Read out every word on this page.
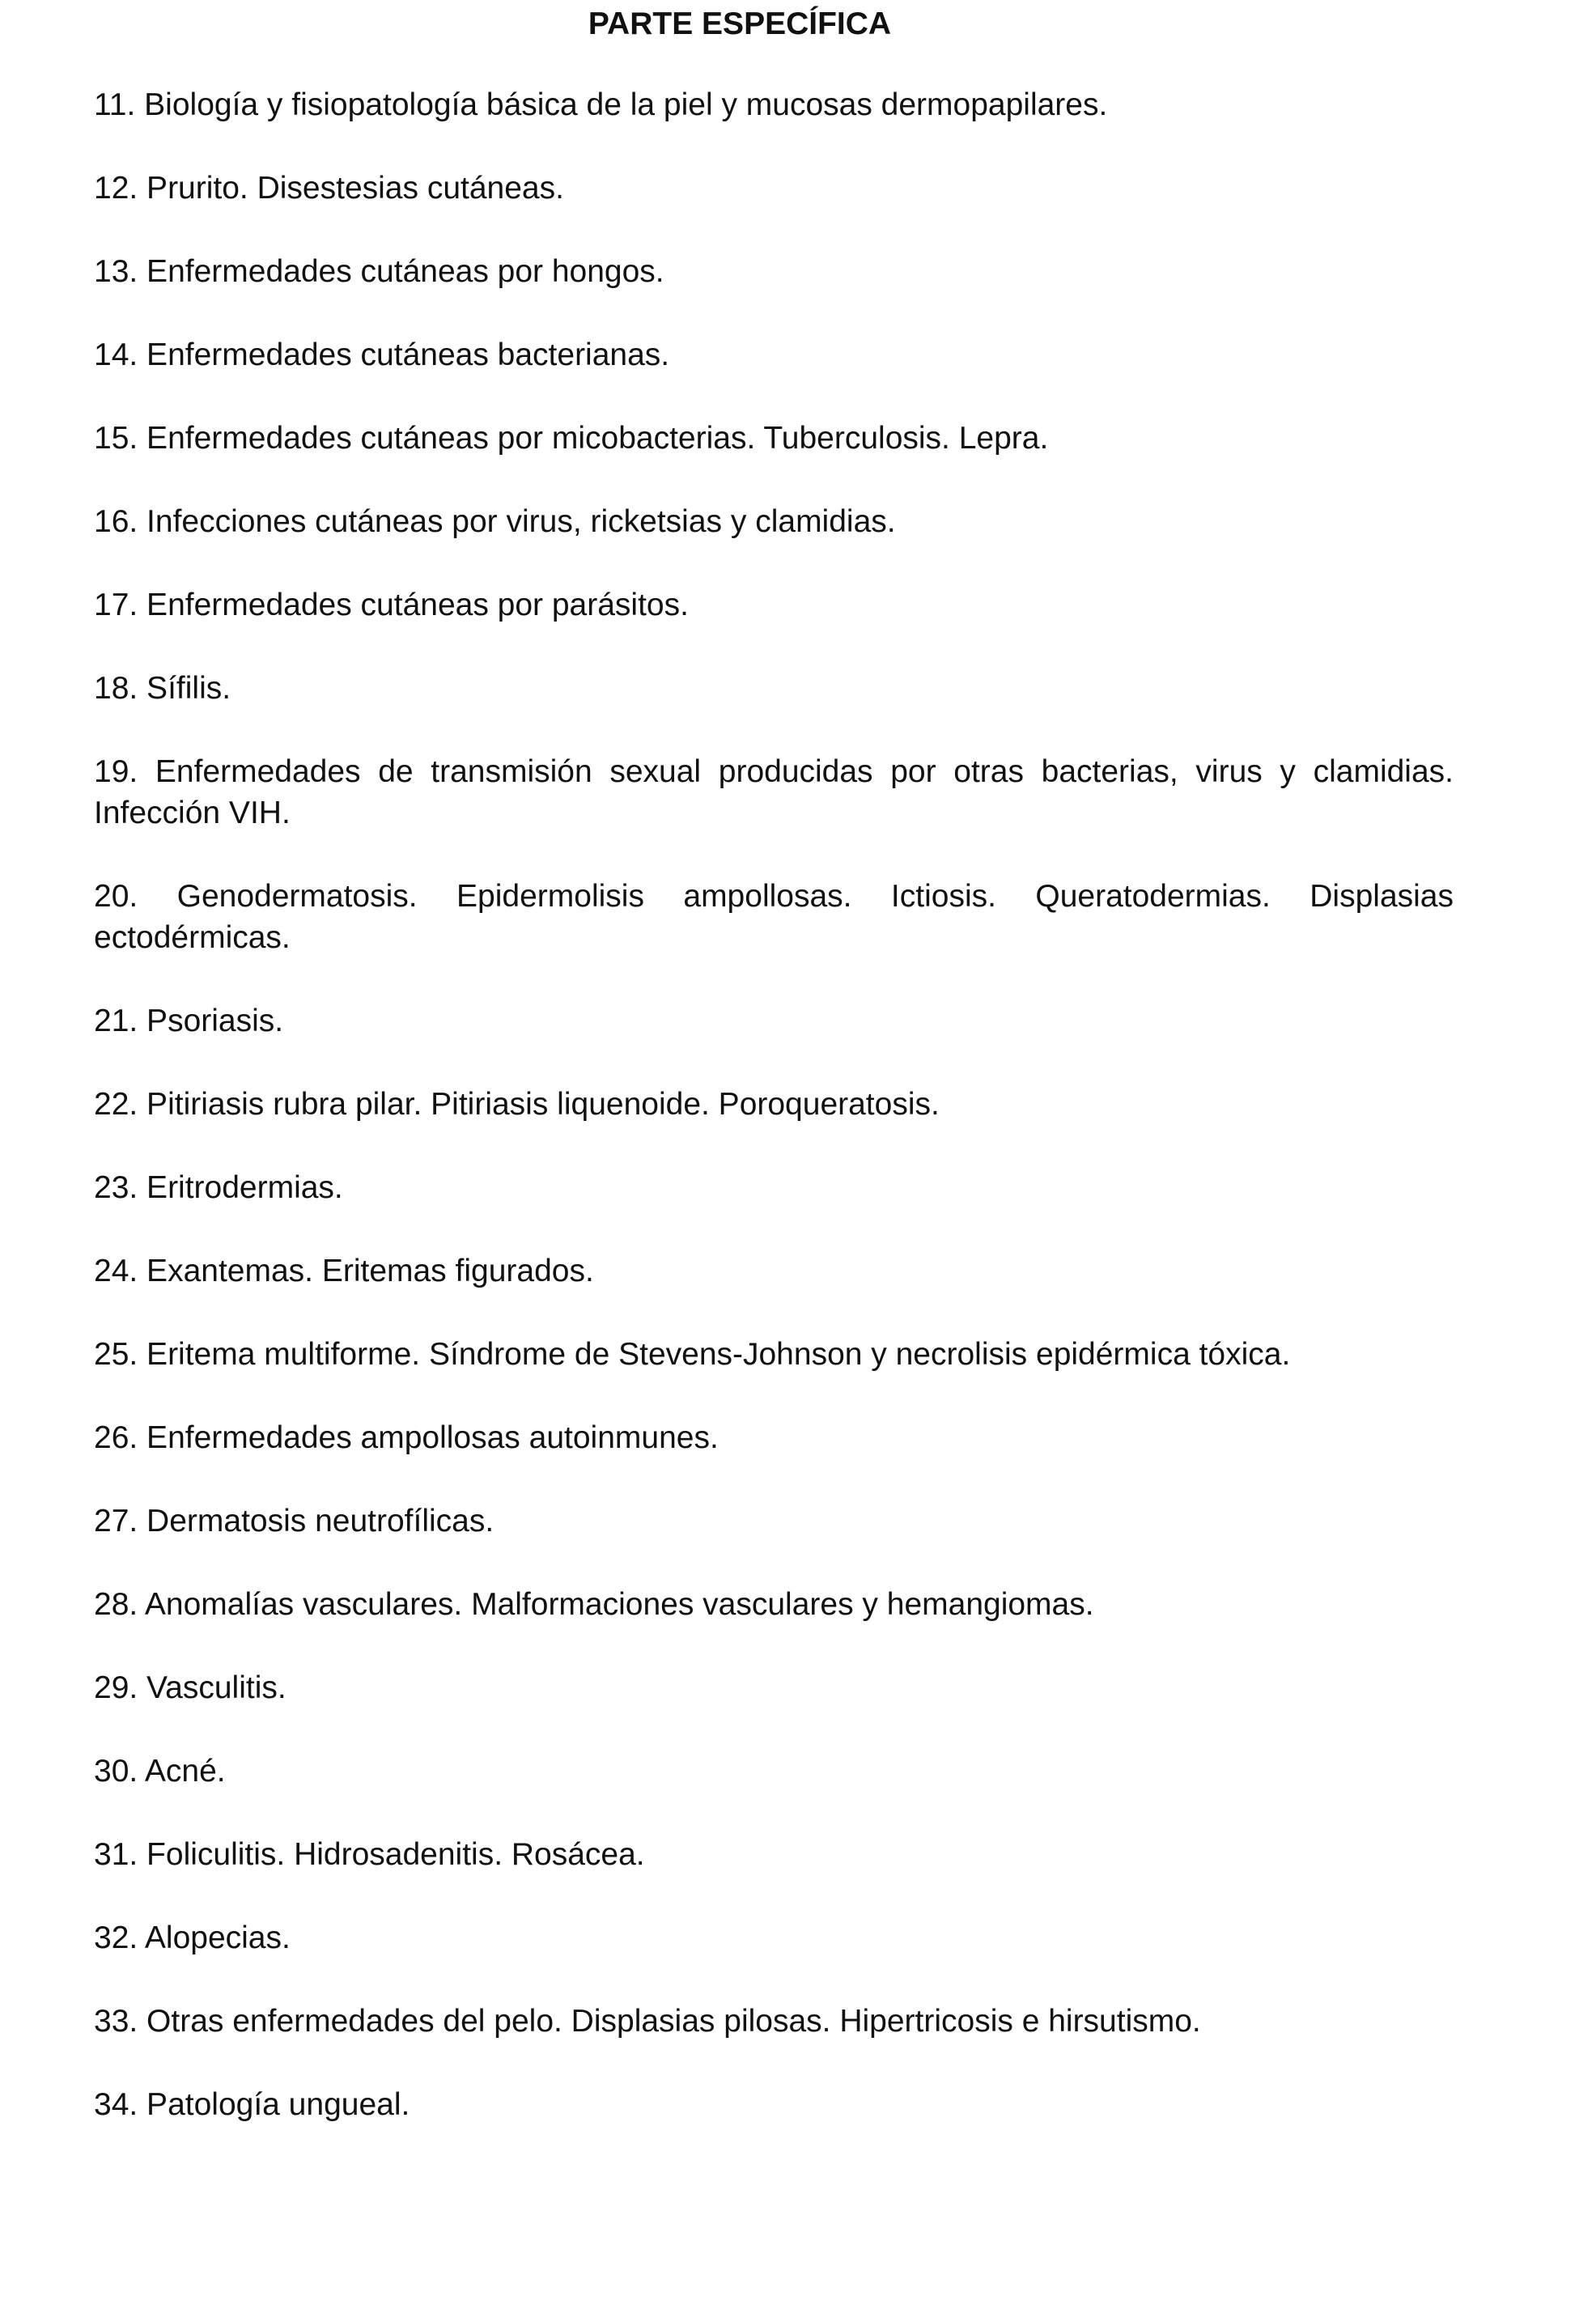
PARTE ESPECÍFICA

11. Biología y fisiopatología básica de la piel y mucosas dermopapilares.

12. Prurito. Disestesias cutáneas.

13. Enfermedades cutáneas por hongos.

14. Enfermedades cutáneas bacterianas.

15. Enfermedades cutáneas por micobacterias. Tuberculosis. Lepra.

16. Infecciones cutáneas por virus, ricketsias y clamidias.

17. Enfermedades cutáneas por parásitos.

18. Sífilis.

19. Enfermedades de transmisión sexual producidas por otras bacterias, virus y clamidias. Infección VIH.

20. Genodermatosis. Epidermolisis ampollosas. Ictiosis. Queratodermias. Displasias ectodérmicas.

21. Psoriasis.

22. Pitiriasis rubra pilar. Pitiriasis liquenoide. Poroqueratosis.

23. Eritrodermias.

24. Exantemas. Eritemas figurados.

25. Eritema multiforme. Síndrome de Stevens-Johnson y necrolisis epidérmica tóxica.

26. Enfermedades ampollosas autoinmunes.

27. Dermatosis neutrofílicas.

28. Anomalías vasculares. Malformaciones vasculares y hemangiomas.

29. Vasculitis.

30. Acné.

31. Foliculitis. Hidrosadenitis. Rosácea.

32. Alopecias.

33. Otras enfermedades del pelo. Displasias pilosas. Hipertricosis e hirsutismo.

34. Patología ungueal.
